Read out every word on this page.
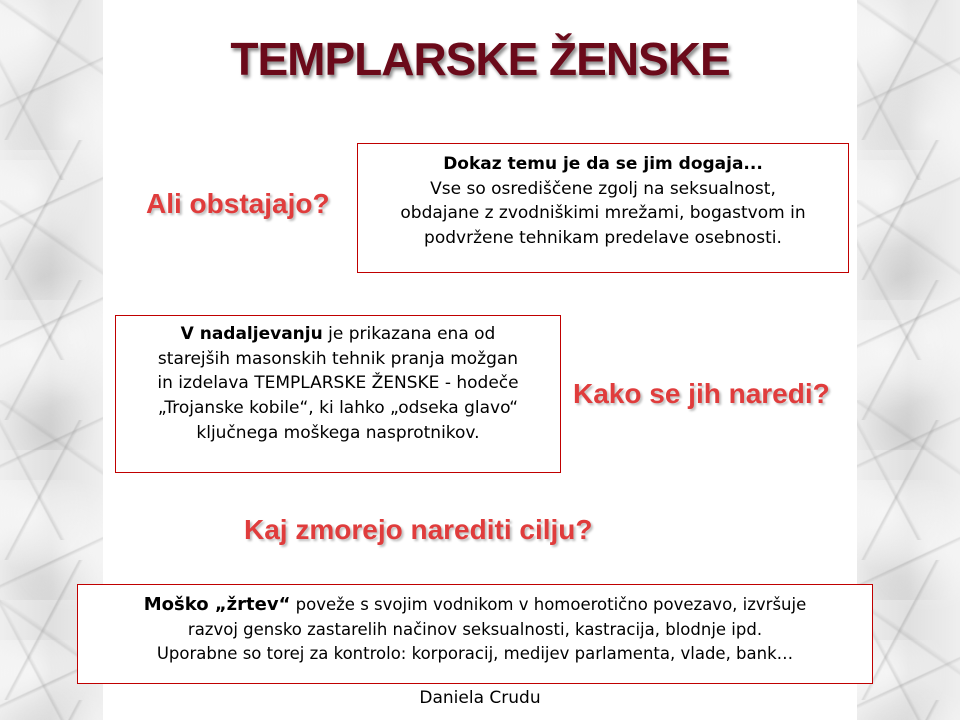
TEMPLARSKE ŽENSKE
Ali obstajajo?
Dokaz temu je da se jim dogaja...
Vse so osrediščene zgolj na seksualnost,
obdajane z zvodniškimi mrežami, bogastvom in
podvržene tehnikam predelave osebnosti.
V nadaljevanju je prikazana ena od
starejših masonskih tehnik pranja možgan
in izdelava TEMPLARSKE ŽENSKE - hodeče
„Trojanske kobile“, ki lahko „odseka glavo“
ključnega moškega nasprotnikov.
Kako se jih naredi?
Kaj zmorejo narediti cilju?
Moško „žrtev“ poveže s svojim vodnikom v homoerotično povezavo, izvršuje
razvoj gensko zastarelih načinov seksualnosti, kastracija, blodnje ipd.
Uporabne so torej za kontrolo: korporacij, medijev parlamenta, vlade, bank…
Daniela Crudu
